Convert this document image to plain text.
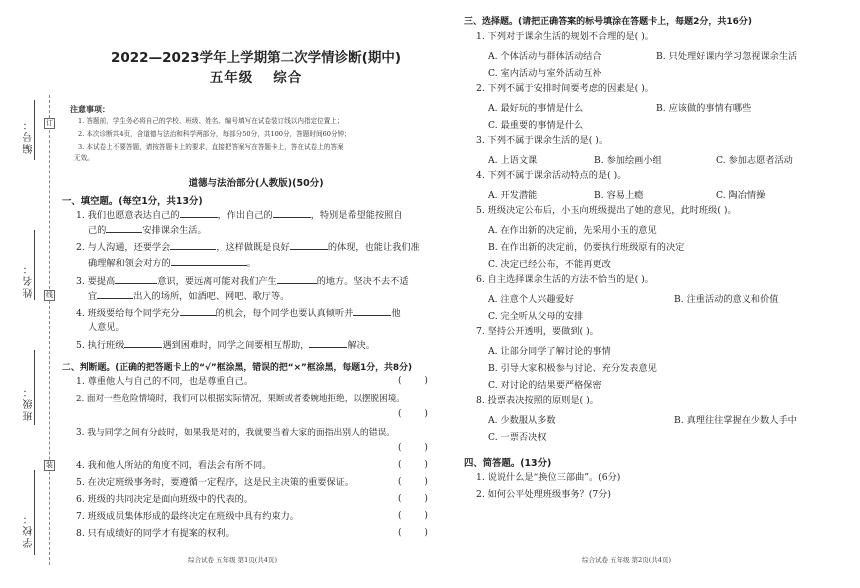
编号：
姓名：
班级：
学校：
订
线
装
2022—2023学年上学期第二次学情诊断(期中)
五年级 综合
注意事项：
1. 答题前，学生务必将自己的学校、班级、姓名、编号填写在试卷装订线以内指定位置上；
2. 本次诊断共4页，含道德与法治和科学两部分，每部分50分，共100分，答题时间60分钟；
3. 本试卷上不要答题，请按答题卡上的要求，直接把答案写在答题卡上，答在试卷上的答案
无效。
道德与法治部分(人教版)(50分)
一、填空题。(每空1分，共13分)
1. 我们也愿意表达自己的	，作出自己的	，特别是希望能按照自
己的	安排课余生活。
2. 与人沟通，还要学会	，这样做既是良好	的体现，也能让我们准
确理解和领会对方的	。
3. 要提高	意识，要远离可能对我们产生	的地方。坚决不去不适
宜	出入的场所，如酒吧、网吧、歌厅等。
4. 班级要给每个同学充分	的机会，每个同学也要认真倾听并	他
人意见。
5. 执行班级	遇到困难时，同学之间要相互帮助，	解决。
二、判断题。(正确的把答题卡上的“√”框涂黑，错误的把“×”框涂黑，每题1分，共8分)
1. 尊重他人与自己的不同，也是尊重自己。	(        )
2. 面对一些危险情境时，我们可以根据实际情况，果断或者委婉地拒绝，以摆脱困境。
(        )
3. 我与同学之间有分歧时，如果我是对的，我就要当着大家的面指出别人的错误。
(        )
4. 我和他人所站的角度不同，看法会有所不同。	(        )
5. 在决定班级事务时，要遵循一定程序，这是民主决策的重要保证。	(        )
6. 班级的共同决定是面向班级中的代表的。	(        )
7. 班级成员集体形成的最终决定在班级中具有约束力。	(        )
8. 只有成绩好的同学才有提案的权利。	(        )
综合试卷 五年级 第1页(共4页)
三、选择题。(请把正确答案的标号填涂在答题卡上，每题2分，共16分)
1. 下列对于课余生活的规划不合理的是( )。
A. 个体活动与群体活动结合	B. 只处理好课内学习忽视课余生活
C. 室内活动与室外活动互补
2. 下列不属于安排时间要考虑的因素是( )。
A. 最好玩的事情是什么	B. 应该做的事情有哪些
C. 最重要的事情是什么
3. 下列不属于课余生活的是( )。
A. 上语文课	B. 参加绘画小组	C. 参加志愿者活动
4. 下列不属于课余活动特点的是( )。
A. 开发潜能	B. 容易上瘾	C. 陶冶情操
5. 班级决定公布后，小玉向班级提出了她的意见，此时班级( )。
A. 在作出新的决定前，先采用小玉的意见
B. 在作出新的决定前，仍要执行班级原有的决定
C. 决定已经公布，不能再更改
6. 自主选择课余生活的方法不恰当的是( )。
A. 注意个人兴趣爱好	B. 注重活动的意义和价值
C. 完全听从父母的安排
7. 坚持公开透明，要做到( )。
A. 让部分同学了解讨论的事情
B. 引导大家积极参与讨论、充分发表意见
C. 对讨论的结果要严格保密
8. 投票表决按照的原则是( )。
A. 少数服从多数	B. 真理往往掌握在少数人手中
C. 一票否决权
四、简答题。(13分)
1. 说说什么是“换位三部曲”。(6分)
2. 如何公平处理班级事务？(7分)
综合试卷 五年级 第2页(共4页)
